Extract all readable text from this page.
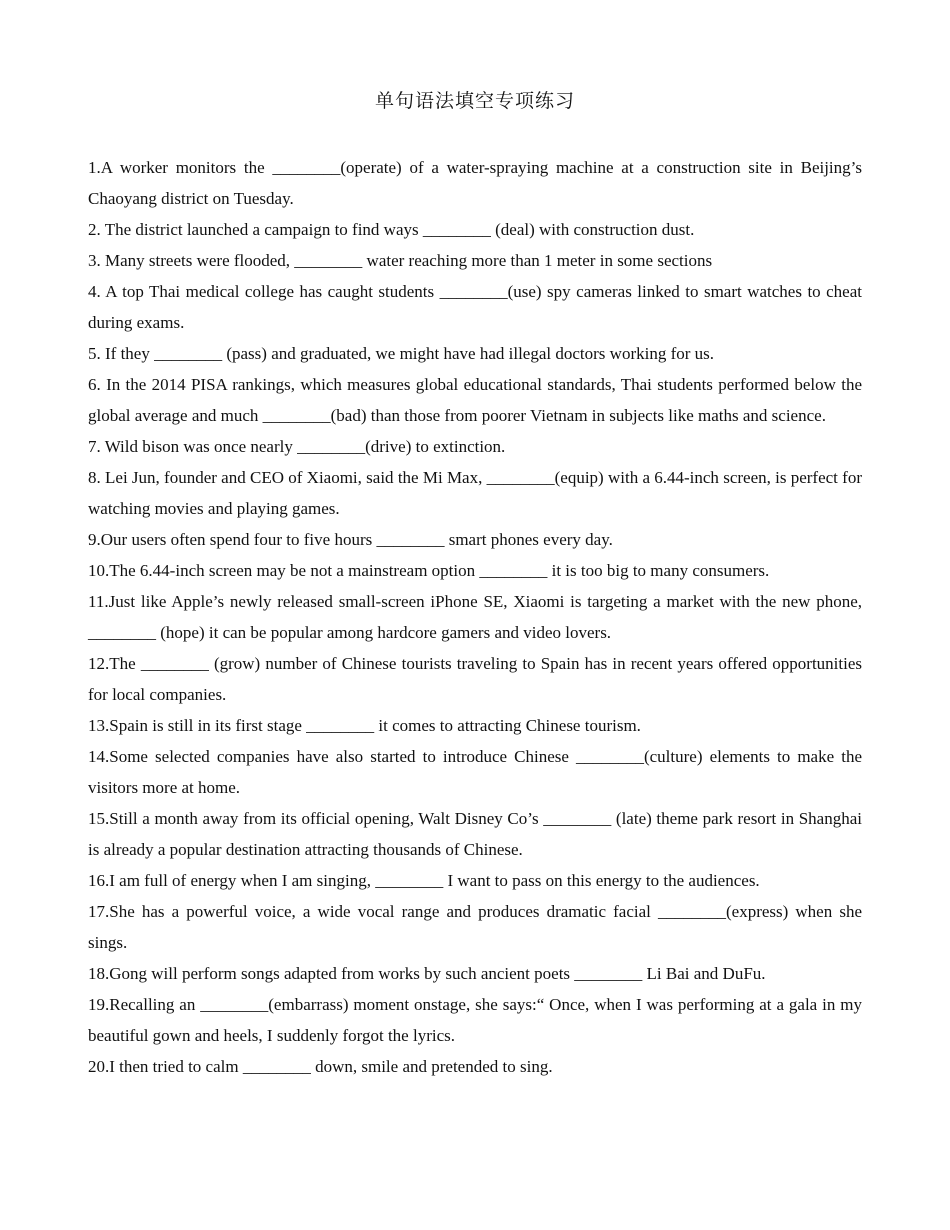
单句语法填空专项练习

1.A worker monitors the ________(operate) of a water-spraying machine at a construction site in Beijing’s Chaoyang district on Tuesday.

2. The district launched a campaign to find ways ________ (deal) with construction dust.

3. Many streets were flooded, ________ water reaching more than 1 meter in some sections

4. A top Thai medical college has caught students ________(use) spy cameras linked to smart watches to cheat during exams.

5. If they ________ (pass) and graduated, we might have had illegal doctors working for us.

6. In the 2014 PISA rankings, which measures global educational standards, Thai students performed below the global average and much ________(bad) than those from poorer Vietnam in subjects like maths and science.

7. Wild bison was once nearly ________(drive) to extinction.

8. Lei Jun, founder and CEO of Xiaomi, said the Mi Max, ________(equip) with a 6.44-inch screen, is perfect for watching movies and playing games.

9.Our users often spend four to five hours ________ smart phones every day.

10.The 6.44-inch screen may be not a mainstream option ________ it is too big to many consumers.

11.Just like Apple’s newly released small-screen iPhone SE, Xiaomi is targeting a market with the new phone, ________ (hope) it can be popular among hardcore gamers and video lovers.

12.The ________ (grow) number of Chinese tourists traveling to Spain has in recent years offered opportunities for local companies.

13.Spain is still in its first stage ________ it comes to attracting Chinese tourism.

14.Some selected companies have also started to introduce Chinese ________(culture) elements to make the visitors more at home.

15.Still a month away from its official opening, Walt Disney Co’s ________ (late) theme park resort in Shanghai is already a popular destination attracting thousands of Chinese.

16.I am full of energy when I am singing, ________ I want to pass on this energy to the audiences.

17.She has a powerful voice, a wide vocal range and produces dramatic facial ________(express) when she sings.

18.Gong will perform songs adapted from works by such ancient poets ________ Li Bai and DuFu.

19.Recalling an ________(embarrass) moment onstage, she says:“ Once, when I was performing at a gala in my beautiful gown and heels, I suddenly forgot the lyrics.

20.I then tried to calm ________ down, smile and pretended to sing.
